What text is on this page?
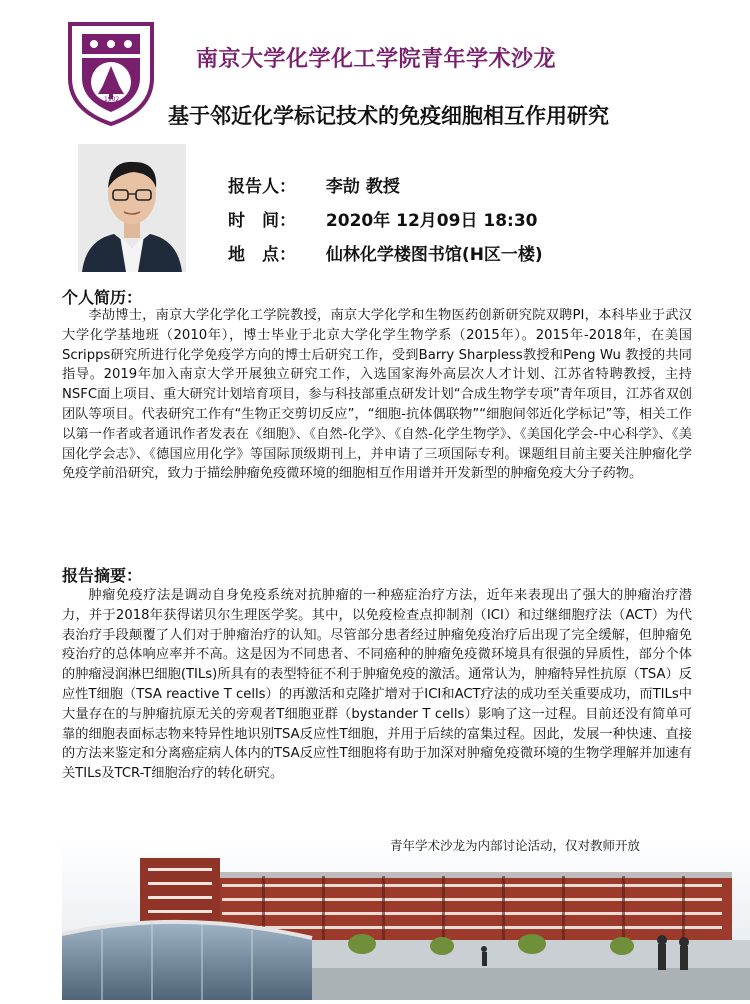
1902
南京大学化学化工学院青年学术沙龙
基于邻近化学标记技术的免疫细胞相互作用研究
报告人： 李劼 教授
时　间： 2020年 12月09日 18:30
地　点： 仙林化学楼图书馆(H区一楼)
个人简历：
李劼博士，南京大学化学化工学院教授，南京大学化学和生物医药创新研究院双聘PI，本科毕业于武汉大学化学基地班（2010年），博士毕业于北京大学化学生物学系（2015年）。2015年-2018年，在美国Scripps研究所进行化学免疫学方向的博士后研究工作，受到Barry Sharpless教授和Peng Wu 教授的共同指导。2019年加入南京大学开展独立研究工作，入选国家海外高层次人才计划、江苏省特聘教授，主持NSFC面上项目、重大研究计划培育项目，参与科技部重点研发计划“合成生物学专项”青年项目，江苏省双创团队等项目。代表研究工作有“生物正交剪切反应”，“细胞-抗体偶联物”“细胞间邻近化学标记”等，相关工作以第一作者或者通讯作者发表在《细胞》、《自然-化学》、《自然-化学生物学》、《美国化学会-中心科学》、《美国化学会志》、《德国应用化学》等国际顶级期刊上，并申请了三项国际专利。课题组目前主要关注肿瘤化学免疫学前沿研究，致力于描绘肿瘤免疫微环境的细胞相互作用谱并开发新型的肿瘤免疫大分子药物。
报告摘要：
肿瘤免疫疗法是调动自身免疫系统对抗肿瘤的一种癌症治疗方法，近年来表现出了强大的肿瘤治疗潜力，并于2018年获得诺贝尔生理医学奖。其中，以免疫检查点抑制剂（ICI）和过继细胞疗法（ACT）为代表治疗手段颠覆了人们对于肿瘤治疗的认知。尽管部分患者经过肿瘤免疫治疗后出现了完全缓解，但肿瘤免疫治疗的总体响应率并不高。这是因为不同患者、不同癌种的肿瘤免疫微环境具有很强的异质性，部分个体的肿瘤浸润淋巴细胞(TILs)所具有的表型特征不利于肿瘤免疫的激活。通常认为，肿瘤特异性抗原（TSA）反应性T细胞（TSA reactive T cells）的再激活和克隆扩增对于ICI和ACT疗法的成功至关重要成功，而TILs中大量存在的与肿瘤抗原无关的旁观者T细胞亚群（bystander T cells）影响了这一过程。目前还没有简单可靠的细胞表面标志物来特异性地识别TSA反应性T细胞，并用于后续的富集过程。因此，发展一种快速、直接的方法来鉴定和分离癌症病人体内的TSA反应性T细胞将有助于加深对肿瘤免疫微环境的生物学理解并加速有关TILs及TCR-T细胞治疗的转化研究。
青年学术沙龙为内部讨论活动，仅对教师开放
